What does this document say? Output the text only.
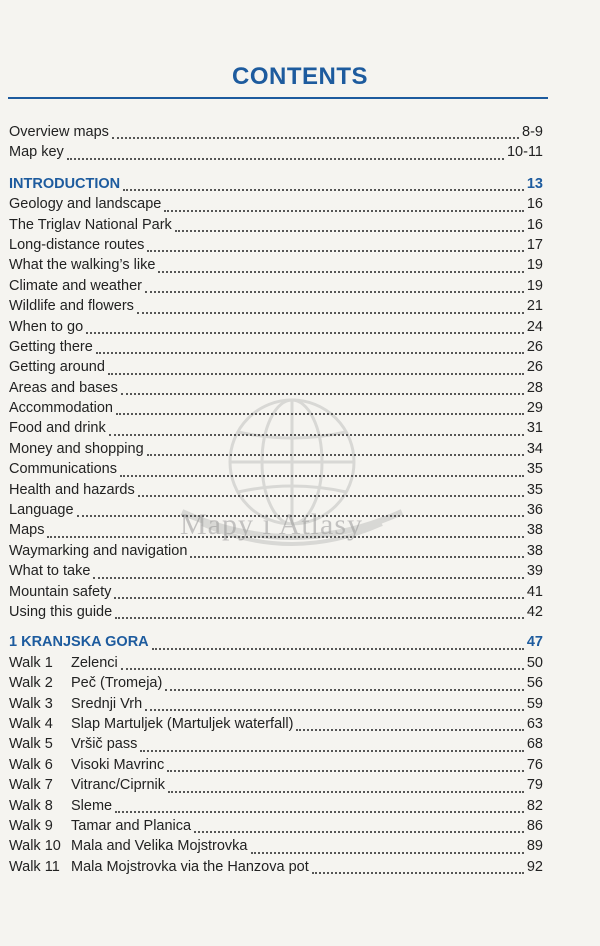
CONTENTS
Mapy i Atlasy
Overview maps	8-9
Map key	10-11
INTRODUCTION	13
Geology and landscape	16
The Triglav National Park	16
Long-distance routes	17
What the walking’s like	19
Climate and weather	19
Wildlife and flowers	21
When to go	24
Getting there	26
Getting around	26
Areas and bases	28
Accommodation	29
Food and drink	31
Money and shopping	34
Communications	35
Health and hazards	35
Language	36
Maps	38
Waymarking and navigation	38
What to take	39
Mountain safety	41
Using this guide	42
1 KRANJSKA GORA	47
Walk 1	Zelenci	50
Walk 2	Peč (Tromeja)	56
Walk 3	Srednji Vrh	59
Walk 4	Slap Martuljek (Martuljek waterfall)	63
Walk 5	Vršič pass	68
Walk 6	Visoki Mavrinc	76
Walk 7	Vitranc/Ciprnik	79
Walk 8	Sleme	82
Walk 9	Tamar and Planica	86
Walk 10 Mala and Velika Mojstrovka	89
Walk 11 Mala Mojstrovka via the Hanzova pot	92
